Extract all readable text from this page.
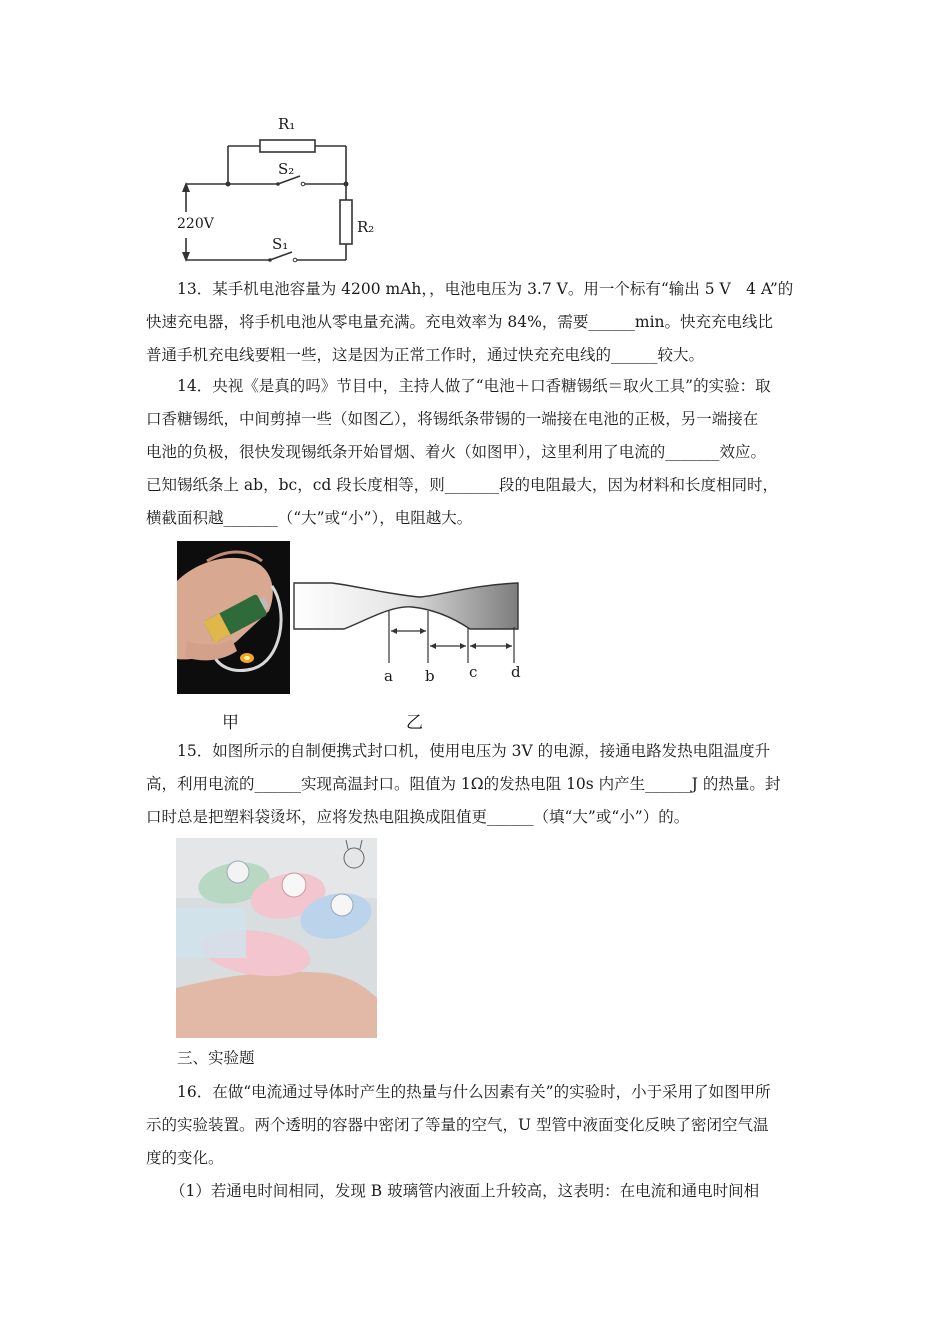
R₁
S₂
220V	R₂
S₁

13．某手机电池容量为 4200 mAh，，电池电压为 3.7 V。用一个标有“输出 5 V　4 A”的

快速充电器，将手机电池从零电量充满。充电效率为 84%，需要______min。快充充电线比

普通手机充电线要粗一些，这是因为正常工作时，通过快充充电线的______较大。

14．央视《是真的吗》节目中，主持人做了“电池＋口香糖锡纸＝取火工具”的实验：取

口香糖锡纸，中间剪掉一些（如图乙），将锡纸条带锡的一端接在电池的正极，另一端接在

电池的负极，很快发现锡纸条开始冒烟、着火（如图甲），这里利用了电流的_______效应。

已知锡纸条上 ab，bc，cd 段长度相等，则_______段的电阻最大，因为材料和长度相同时，

横截面积越_______（“大”或“小”），电阻越大。

a b c d
甲	乙

15．如图所示的自制便携式封口机，使用电压为 3V 的电源，接通电路发热电阻温度升

高，利用电流的______实现高温封口。阻值为 1Ω的发热电阻 10s 内产生______J 的热量。封

口时总是把塑料袋烫坏，应将发热电阻换成阻值更______（填“大”或“小”）的。

三、实验题

16．在做“电流通过导体时产生的热量与什么因素有关”的实验时，小于采用了如图甲所

示的实验装置。两个透明的容器中密闭了等量的空气，U 型管中液面变化反映了密闭空气温

度的变化。

（1）若通电时间相同，发现 B 玻璃管内液面上升较高，这表明：在电流和通电时间相
